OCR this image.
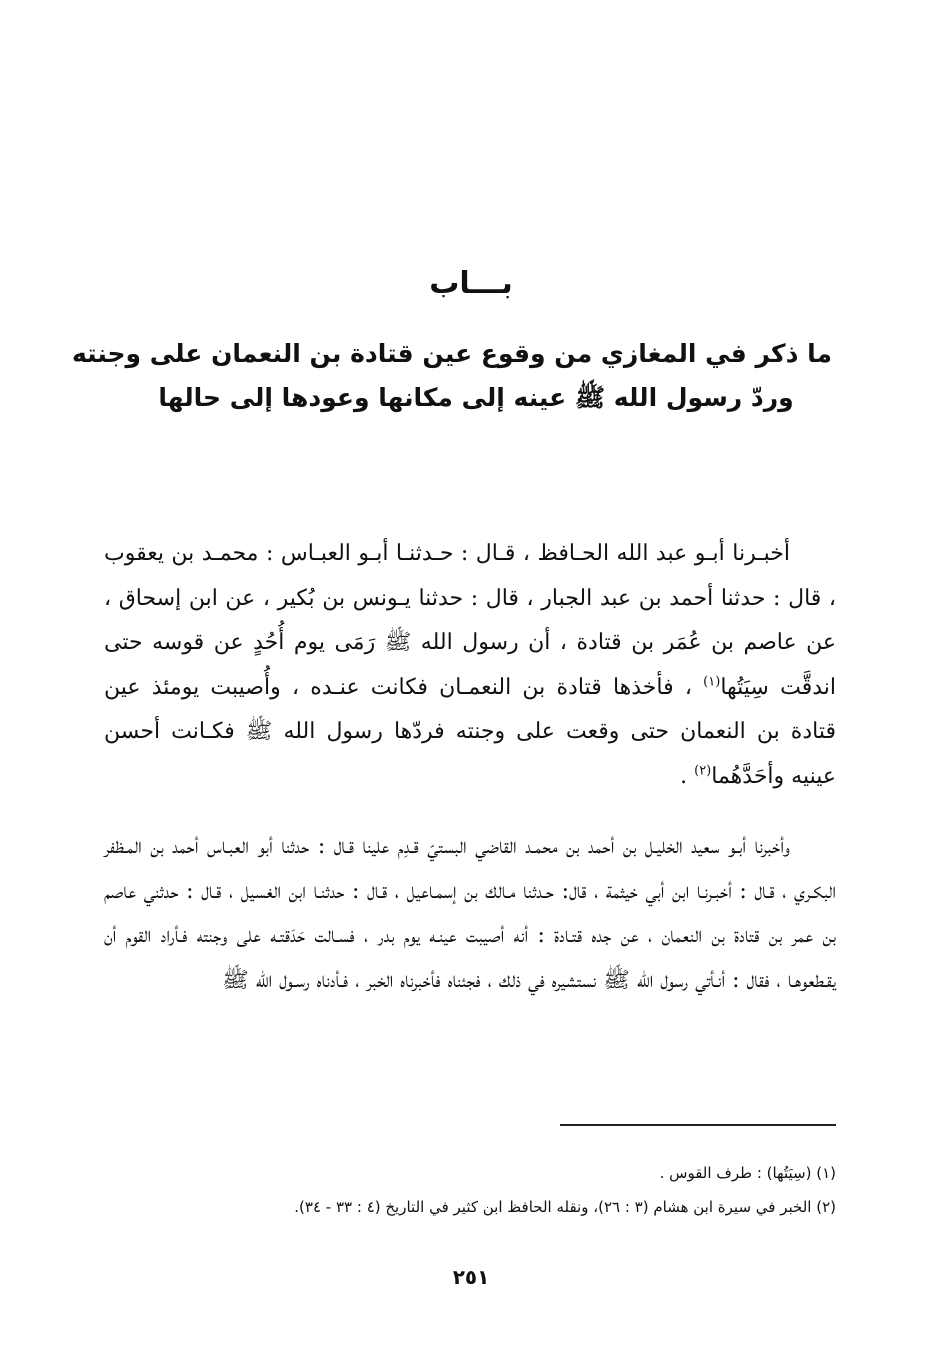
بـــاب
ما ذكر في المغازي من وقوع عين قتادة بن النعمان على وجنته
وردّ رسول الله ﷺ عينه إلى مكانها وعودها إلى حالها

أخبـرنا أبـو عبد الله الحـافظ ، قـال : حـدثنـا أبـو العبـاس : محمـد بن يعقوب ، قال : حدثنا أحمد بن عبد الجبار ، قال : حدثنا يـونس بن بُكير ، عن ابن إسحاق ، عن عاصم بن عُمَر بن قتادة ، أن رسول الله ﷺ رَمَى يوم أُحُدٍ عن قوسه حتى اندقَّت سِيَتُها$^{(١)}$ ، فأخذها قتادة بن النعمـان فكانت عنـده ، وأُصيبت يومئذ عين قتادة بن النعمان حتى وقعت على وجنته فردّها رسول الله ﷺ فكـانت أحسن عينيه وأحَدَّهُما$^{(٢)}$ .

وأخبرنا أبـو سعيد الخليـل بن أحمد بن محمـد القاضي البستيّ قـدِم علينا قـال : حدثنا أبو العبـاس أحمد بن المـظفر البكـري ، قـال : أخبـرنـا ابن أبي خيثمة ، قال: حـدثنا مـالك بن إسمـاعيل ، قـال : حدثنـا ابن الغسيل ، قـال : حدثني عاصم بن عمر بن قتادة بن النعمان ، عن جده قتـادة : أنه أصيبت عينـه يوم بدر ، فسـالت حَدَقتـه على وجنته فـأراد القوم أن يقـطعوهـا ، فقال : أنـأتي رسول الله ﷺ نستشيره في ذلك ، فجئناه فأخبرناه الخبر ، فـأدناه رسـول الله ﷺ

(١) (سِيَتُها) : طرف القوس .

(٢) الخبر في سيرة ابن هشام (٣ : ٢٦)، ونقله الحافظ ابن كثير في التاريخ (٤ : ٣٣ - ٣٤).

٢٥١
